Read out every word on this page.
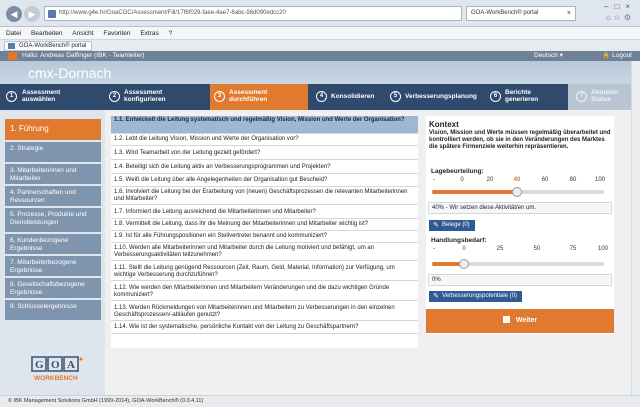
◀	▶	http://www.g4e.hr/GoaCGC/Assessment/Fill/17f6f029-faee-4ae7-8abc-98d090edcc20	GOA-WorkBench® portal	×
–□×
⌂☆⚙
Datei Bearbeiten Ansicht Favoriten Extras ?
GOA-WorkBench® portal
Hallo: Andreas Daffinger (IBK - Teamleiter)	Deutsch ▾	🔒 Logout
cmx-Dornach
1	Assessment auswählen	2	Assessment konfigurieren	3	Assessment durchführen	4	Konsolidieren	5	Verbesserungsplanung	6	Berichte generieren	7	Aktueller Status
1. Führung
2. Strategie
3. Mitarbeiterinnen und Mitarbeiter
4. Partnerschaften und Ressourcen
5. Prozesse, Produkte und Dienstleistungen
6. Kundenbezogene Ergebnisse
7. Mitarbeiterbezogene Ergebnisse
8. Gesellschaftsbezogene Ergebnisse
9. Schlüsselergebnisse
G O A
WORKBENCH
1.1. Entwickelt die Leitung systematisch und regelmäßig Vision, Mission und Werte der Organisation?
1.2. Lebt die Leitung Vision, Mission und Werte der Organisation vor?
1.3. Wird Teamarbeit von der Leitung gezielt gefördert?
1.4. Beteiligt sich die Leitung aktiv an Verbesserungsprogrammen und Projekten?
1.5. Weiß die Leitung über alle Angelegenheiten der Organisation gut Bescheid?
1.6. Involviert die Leitung bei der Erarbeitung von (neuen) Geschäftsprozessen die relevanten Mitarbeiterinnen und Mitarbeiter?
1.7. Informiert die Leitung ausreichend die Mitarbeiterinnen und Mitarbeiter?
1.8. Vermittelt die Leitung, dass ihr die Meinung der Mitarbeiterinnen und Mitarbeiter wichtig ist?
1.9. Ist für alle Führungspositionen ein Stellvertreter benannt und kommuniziert?
1.10. Werden alle Mitarbeiterinnen und Mitarbeiter durch die Leitung motiviert und befähigt, um an Verbesserungsaktivitäten teilzunehmen?
1.11. Stellt die Leitung genügend Ressourcen (Zeit, Raum, Geld, Material, Information) zur Verfügung, um wichtige Verbesserung durchzuführen?
1.12. Wie werden den Mitarbeiterinnen und Mitarbeitern Veränderungen und die dazu wichtigen Gründe kommuniziert?
1.13. Werden Rückmeldungen von Mitarbeiterinnen und Mitarbeitern zu Verbesserungen in den einzelnen Geschäftsprozessen/-abläufen genutzt?
1.14. Wie ist der systematische, persönliche Kontakt von der Leitung zu Geschäftspartnern?
Kontext
Vision, Mission und Werte müssen regelmäßig überarbeitet und kontrolliert werden, ob sie in den Veränderungen des Marktes die spätere Firmenziele weiterhin repräsentieren.
Lagebeurteilung:
-	0	20	40	60	80	100
40% - Wir setzen diese Aktivität/en um.
✎ Belege (0)
Handlungsbedarf:
-	0	25	50	75	100
0%
✎ Verbesserungspotentiale (0)
Weiter
© IBK Management Solutions GmbH (1999-2014), GOA-WorkBench® (0.0.4.11)
